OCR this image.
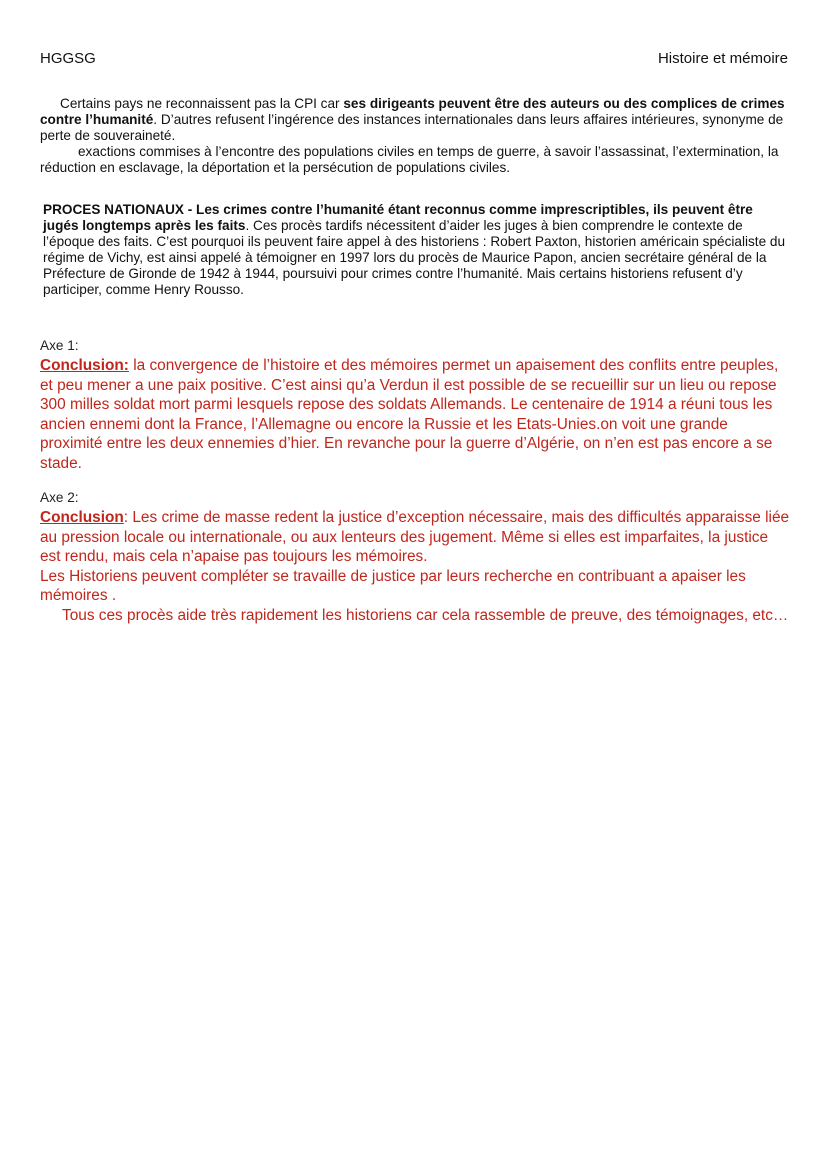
HGGSG	Histoire et mémoire
Certains pays ne reconnaissent pas la CPI car ses dirigeants peuvent être des auteurs ou des complices de crimes contre l’humanité. D’autres refusent l’ingérence des instances internationales dans leurs affaires intérieures, synonyme de perte de souveraineté.
exactions commises à l’encontre des populations civiles en temps de guerre, à savoir l’assassinat, l’extermination, la réduction en esclavage, la déportation et la persécution de populations civiles.
PROCES NATIONAUX - Les crimes contre l’humanité étant reconnus comme imprescriptibles, ils peuvent être jugés longtemps après les faits. Ces procès tardifs nécessitent d’aider les juges à bien comprendre le contexte de l’époque des faits. C’est pourquoi ils peuvent faire appel à des historiens : Robert Paxton, historien américain spécialiste du régime de Vichy, est ainsi appelé à témoigner en 1997 lors du procès de Maurice Papon, ancien secrétaire général de la Préfecture de Gironde de 1942 à 1944, poursuivi pour crimes contre l’humanité. Mais certains historiens refusent d’y participer, comme Henry Rousso.
Axe 1:
Conclusion: la convergence de l’histoire et des mémoires permet un apaisement des conflits entre peuples, et peu mener a une paix positive. C’est ainsi qu’a Verdun il est possible de se recueillir sur un lieu ou repose 300 milles soldat mort parmi lesquels repose des soldats Allemands. Le centenaire de 1914 a réuni tous les ancien ennemi dont la France, l’Allemagne ou encore la Russie et les Etats-Unies.on voit une grande proximité entre les deux ennemies d’hier. En revanche pour la guerre d’Algérie, on n’en est pas encore a se stade.
Axe 2:
Conclusion: Les crime de masse redent la justice d’exception nécessaire, mais des difficultés apparaisse liée au pression locale ou internationale, ou aux lenteurs des jugement. Même si elles est imparfaites, la justice est rendu, mais cela n’apaise pas toujours les mémoires.
Les Historiens peuvent compléter se travaille de justice par leurs recherche en contribuant a apaiser les mémoires .
Tous ces procès aide très rapidement les historiens car cela rassemble de preuve, des témoignages, etc…
